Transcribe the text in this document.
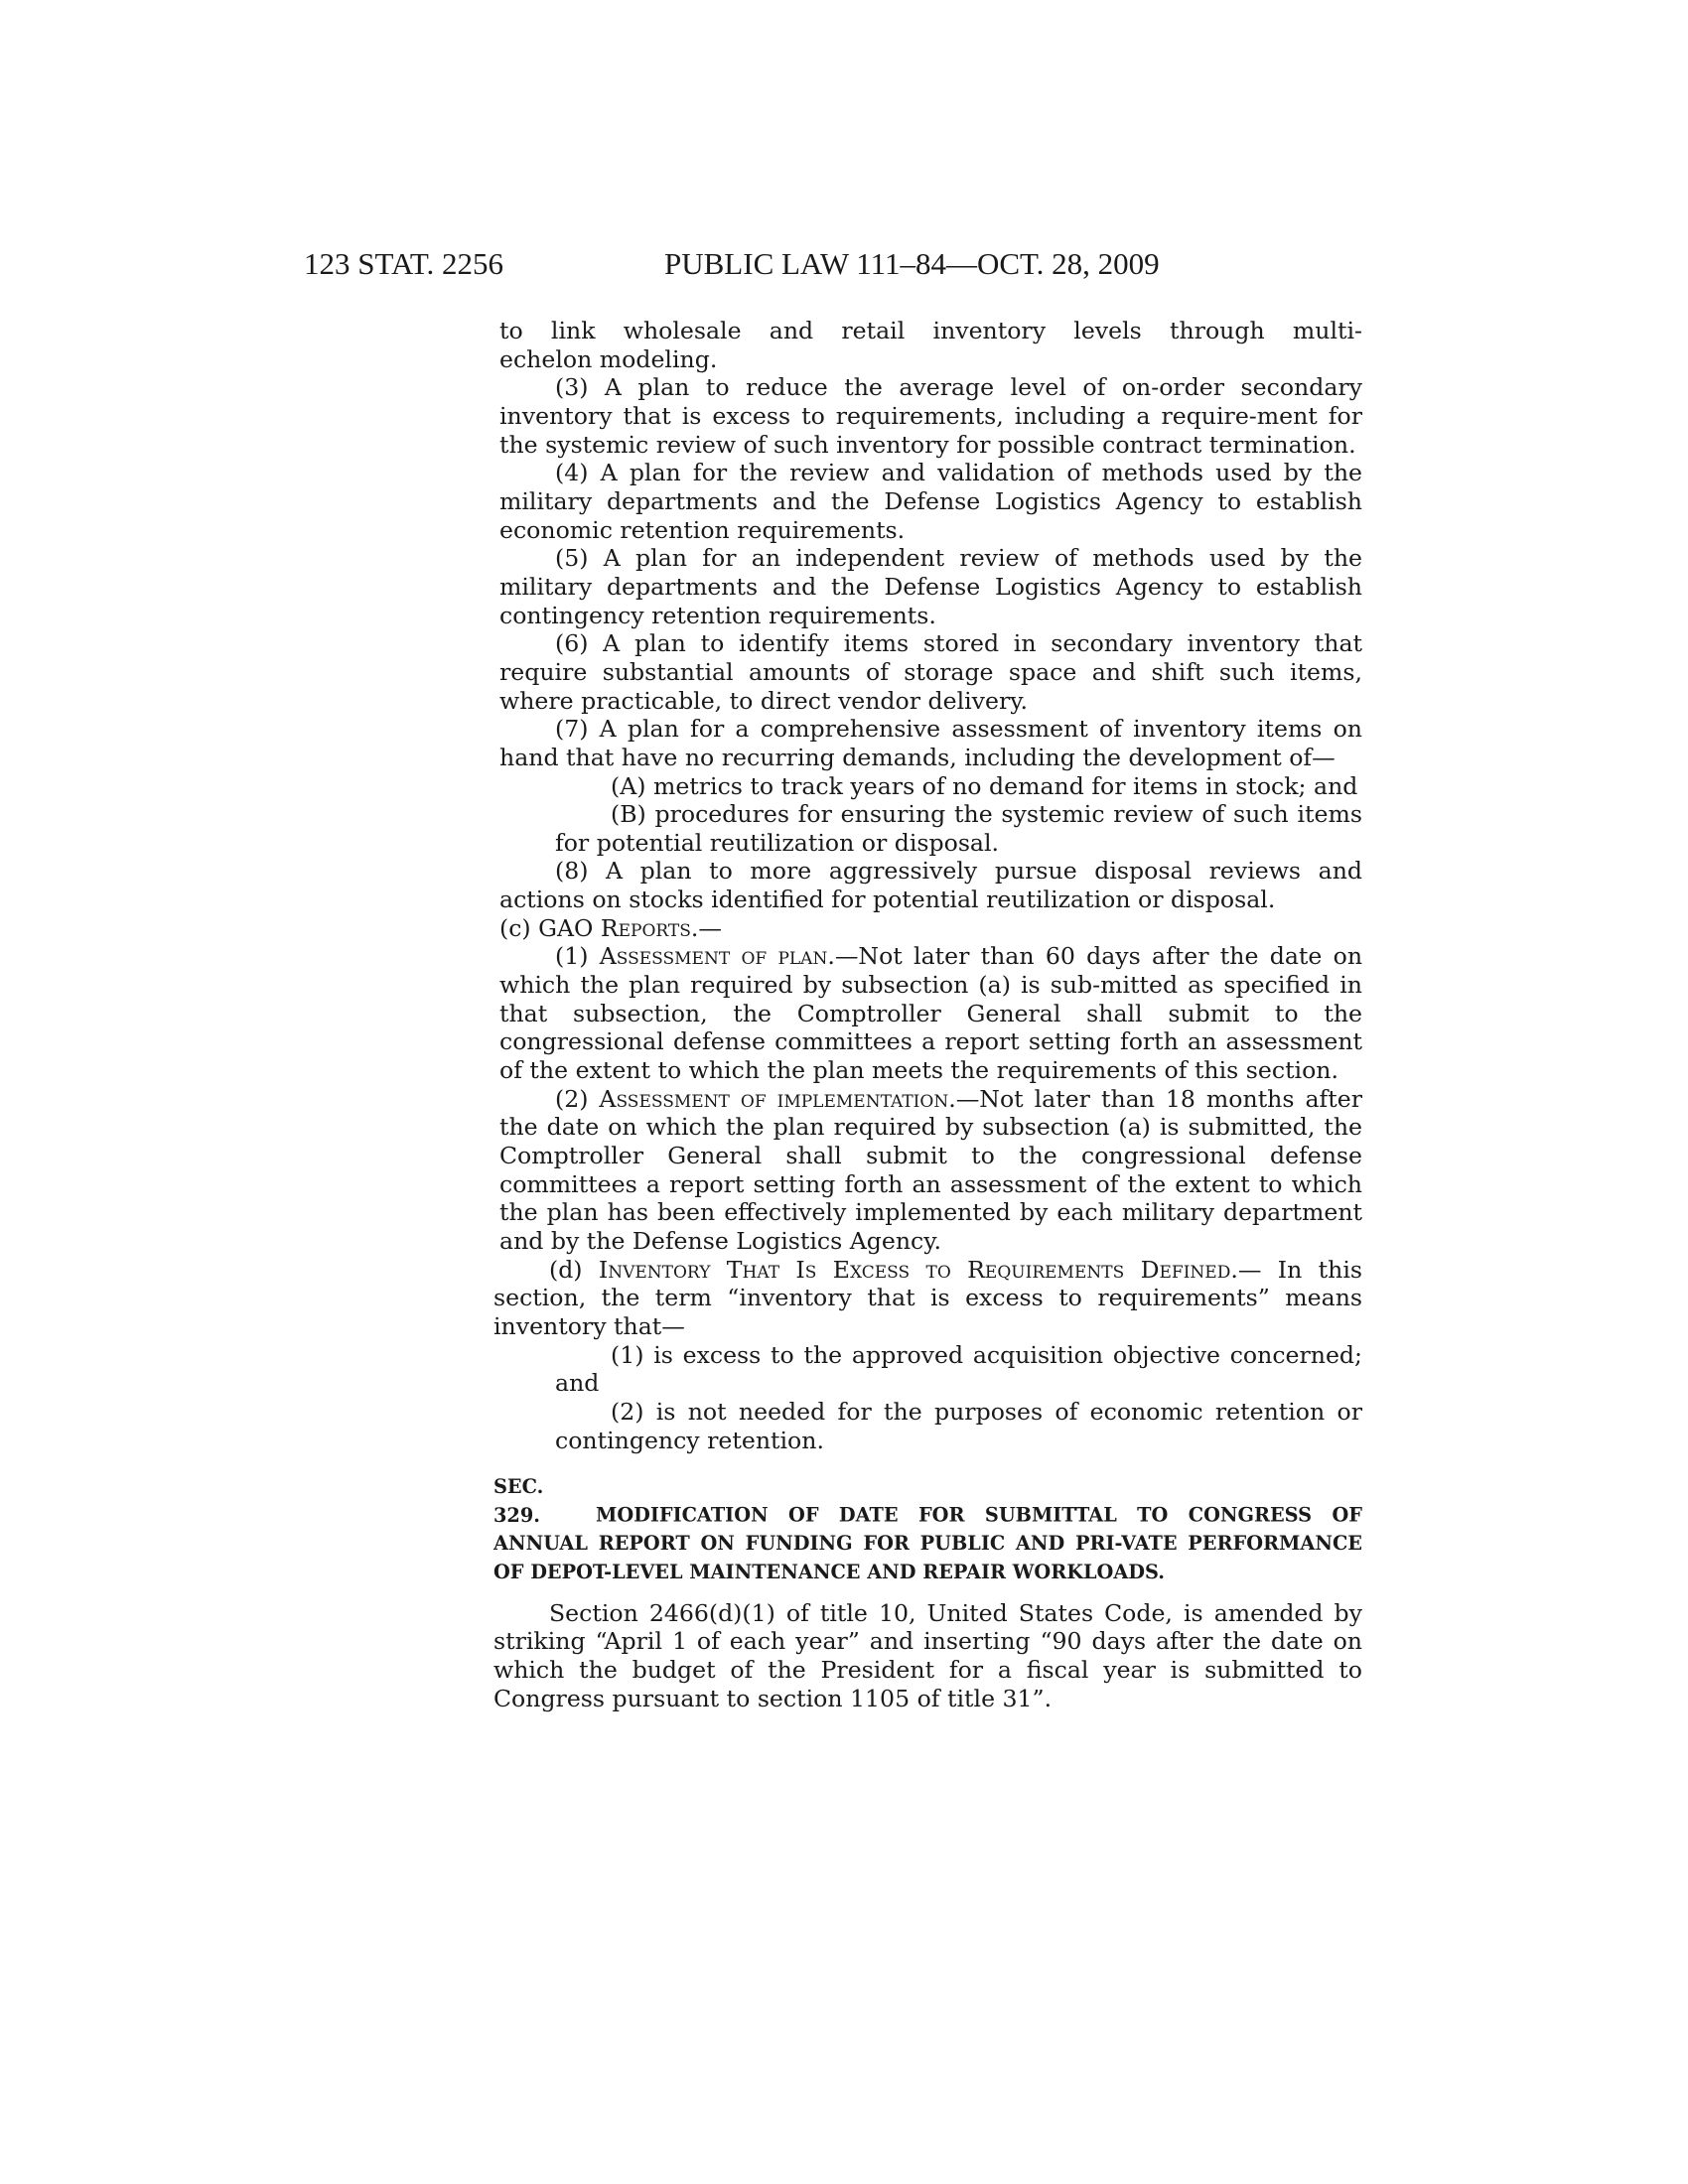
123 STAT. 2256	PUBLIC LAW 111–84—OCT. 28, 2009

to link wholesale and retail inventory levels through multi-

echelon modeling.

(3) A plan to reduce the average level of on-order secondary inventory that is excess to requirements, including a require-ment for the systemic review of such inventory for possible contract termination.

(4) A plan for the review and validation of methods used by the military departments and the Defense Logistics Agency to establish economic retention requirements.

(5) A plan for an independent review of methods used by the military departments and the Defense Logistics Agency to establish contingency retention requirements.

(6) A plan to identify items stored in secondary inventory that require substantial amounts of storage space and shift such items, where practicable, to direct vendor delivery.

(7) A plan for a comprehensive assessment of inventory items on hand that have no recurring demands, including the development of—

(A) metrics to track years of no demand for items in stock; and

(B) procedures for ensuring the systemic review of such items for potential reutilization or disposal.

(8) A plan to more aggressively pursue disposal reviews and actions on stocks identified for potential reutilization or disposal.

(c) GAO Reports.—

(1) Assessment of plan.—Not later than 60 days after the date on which the plan required by subsection (a) is sub-mitted as specified in that subsection, the Comptroller General shall submit to the congressional defense committees a report setting forth an assessment of the extent to which the plan meets the requirements of this section.

(2) Assessment of implementation.—Not later than 18 months after the date on which the plan required by subsection (a) is submitted, the Comptroller General shall submit to the congressional defense committees a report setting forth an assessment of the extent to which the plan has been effectively implemented by each military department and by the Defense Logistics Agency.

(d) Inventory That Is Excess to Requirements Defined.— In this section, the term “inventory that is excess to requirements” means inventory that—

(1) is excess to the approved acquisition objective concerned; and

(2) is not needed for the purposes of economic retention or contingency retention.

SEC. 329.	MODIFICATION OF DATE FOR SUBMITTAL TO CONGRESS OF ANNUAL REPORT ON FUNDING FOR PUBLIC AND PRI-VATE PERFORMANCE OF DEPOT-LEVEL MAINTENANCE AND REPAIR WORKLOADS.

Section 2466(d)(1) of title 10, United States Code, is amended by striking “April 1 of each year” and inserting “90 days after the date on which the budget of the President for a fiscal year is submitted to Congress pursuant to section 1105 of title 31”.
